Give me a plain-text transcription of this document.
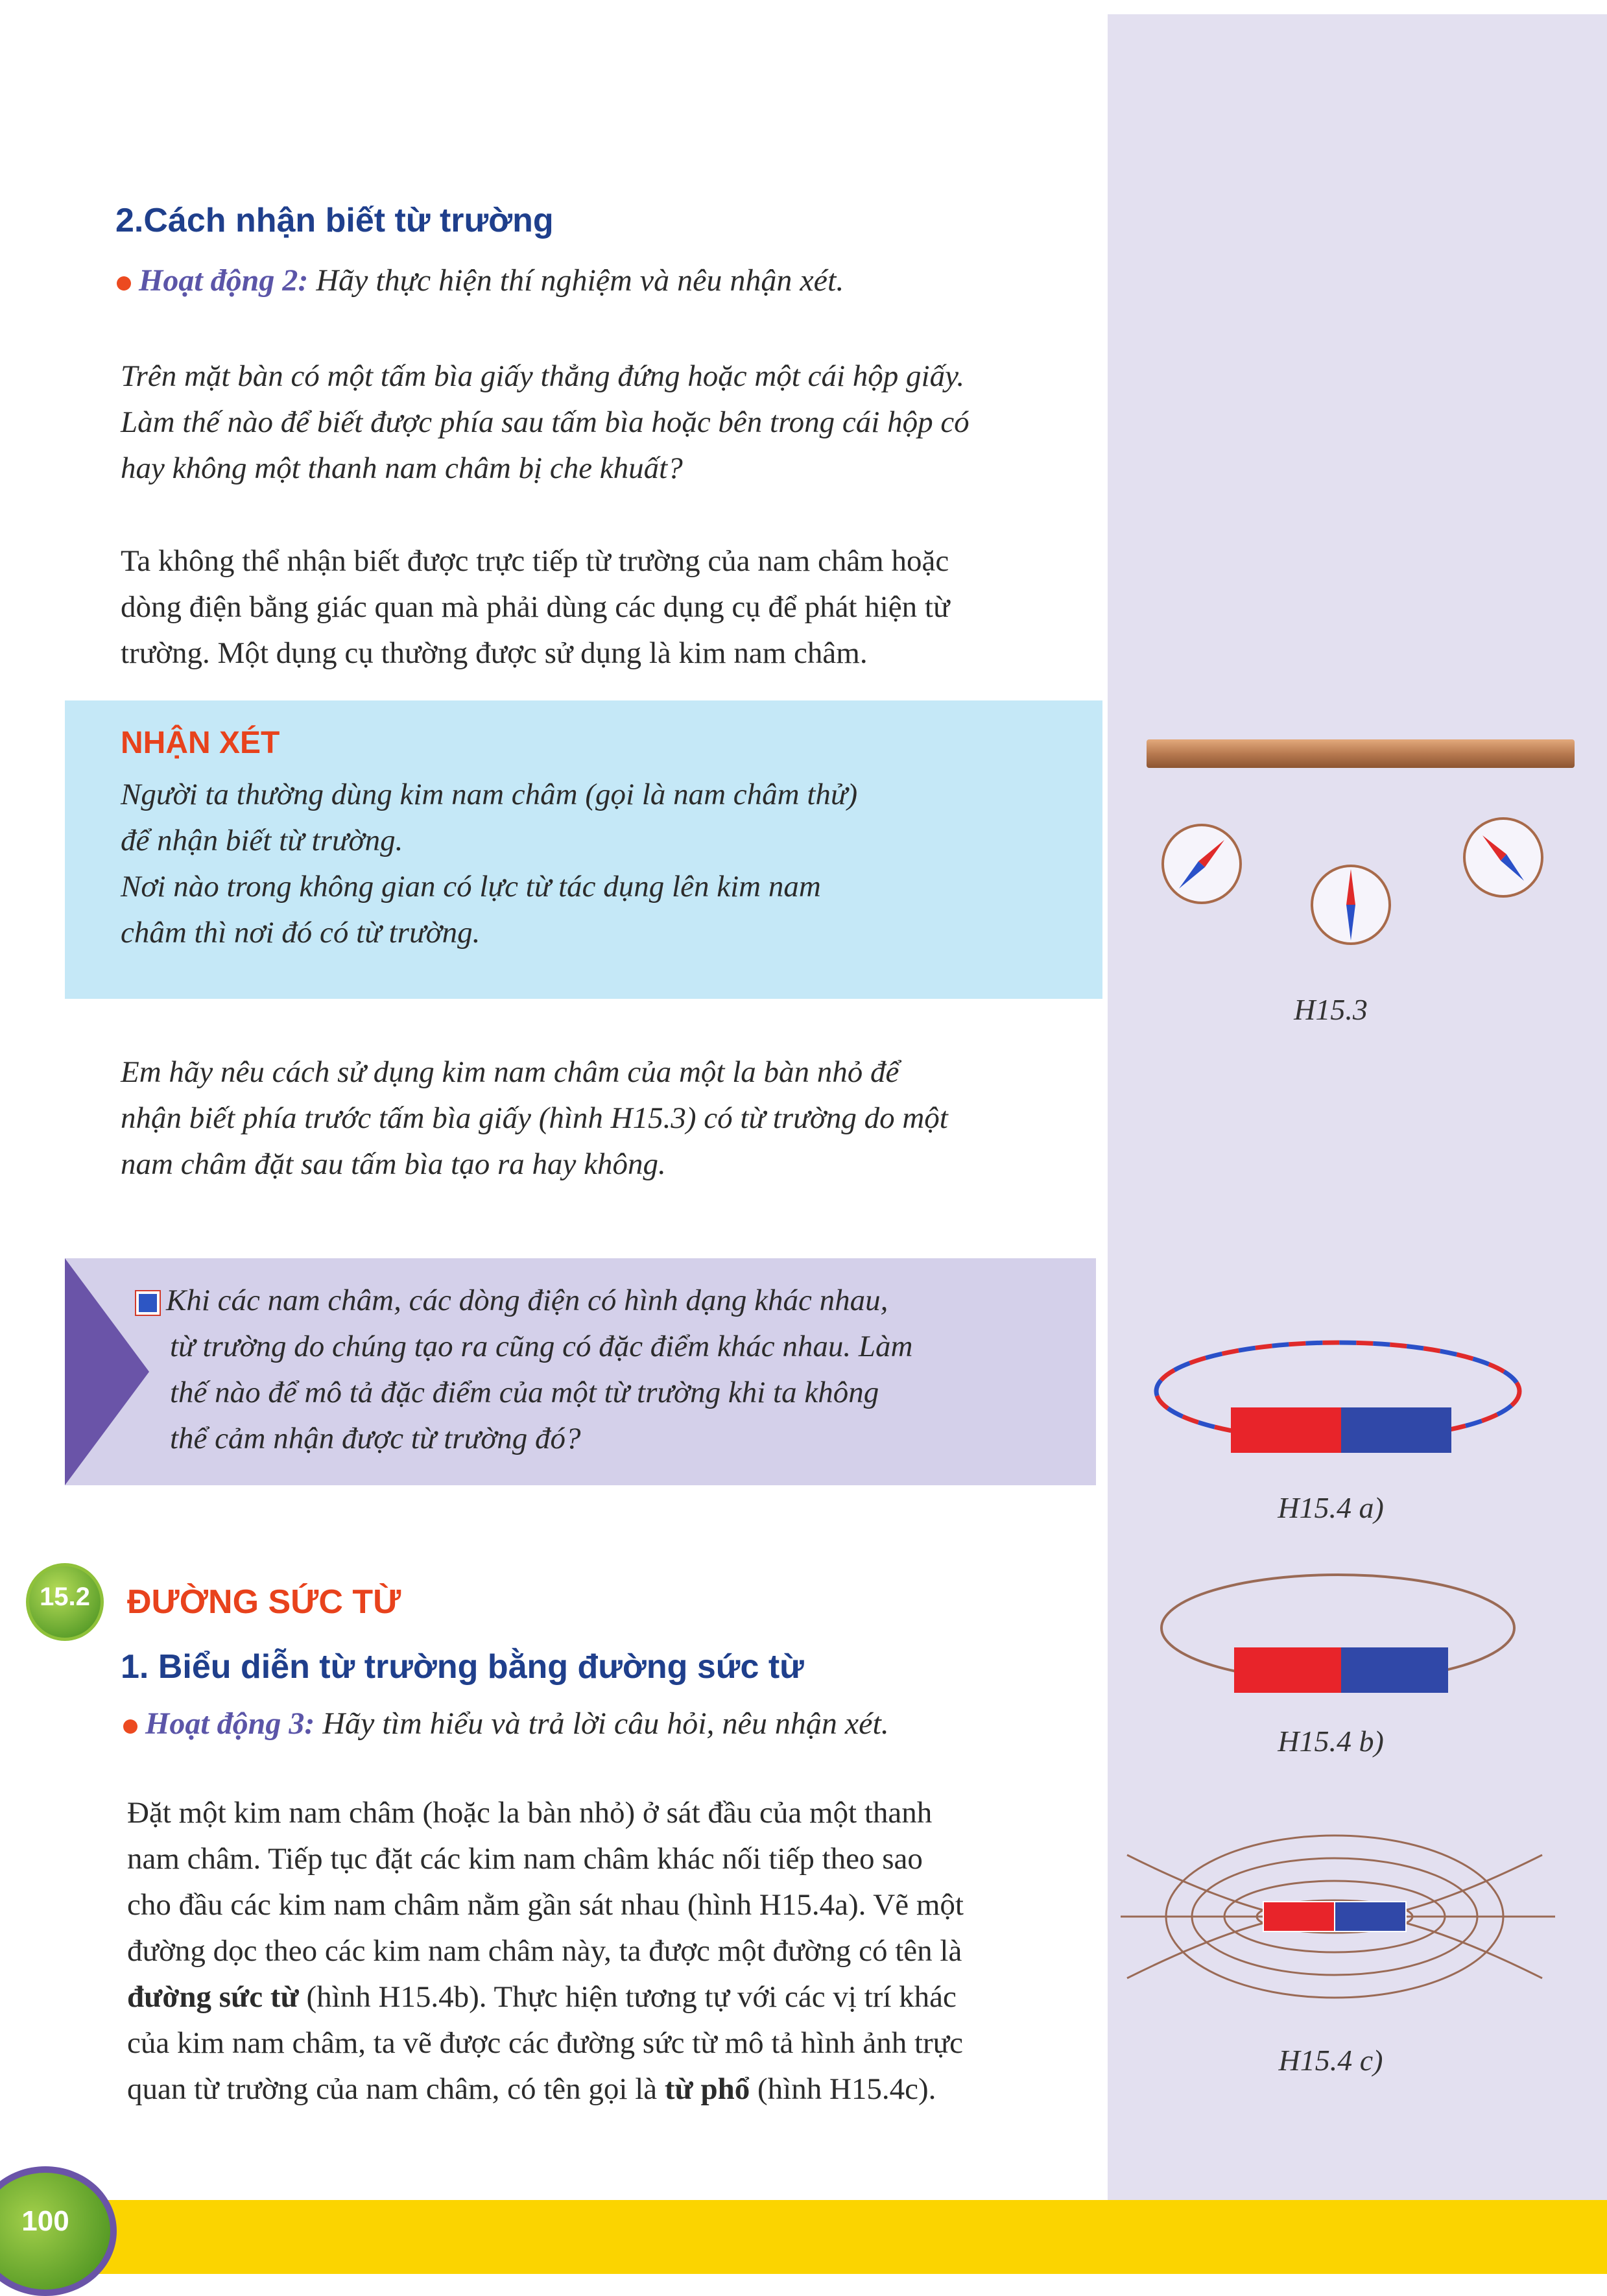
100
2.Cách nhận biết từ trường
Hoạt động 2: Hãy thực hiện thí nghiệm và nêu nhận xét.

Trên mặt bàn có một tấm bìa giấy thẳng đứng hoặc một cái hộp giấy.

Làm thế nào để biết được phía sau tấm bìa hoặc bên trong cái hộp có

hay không một thanh nam châm bị che khuất?

Ta không thể nhận biết được trực tiếp từ trường của nam châm hoặc

dòng điện bằng giác quan mà phải dùng các dụng cụ để phát hiện từ

trường. Một dụng cụ thường được sử dụng là kim nam châm.

NHẬN XÉT

Người ta thường dùng kim nam châm (gọi là nam châm thử)

để nhận biết từ trường.

Nơi nào trong không gian có lực từ tác dụng lên kim nam

châm thì nơi đó có từ trường.

Em hãy nêu cách sử dụng kim nam châm của một la bàn nhỏ để

nhận biết phía trước tấm bìa giấy (hình H15.3) có từ trường do một

nam châm đặt sau tấm bìa tạo ra hay không.

Khi các nam châm, các dòng điện có hình dạng khác nhau,

từ trường do chúng tạo ra cũng có đặc điểm khác nhau. Làm

thế nào để mô tả đặc điểm của một từ trường khi ta không

thể cảm nhận được từ trường đó?

15.2	ĐƯỜNG SỨC TỪ
1. Biểu diễn từ trường bằng đường sức từ
Hoạt động 3: Hãy tìm hiểu và trả lời câu hỏi, nêu nhận xét.

Đặt một kim nam châm (hoặc la bàn nhỏ) ở sát đầu của một thanh

nam châm. Tiếp tục đặt các kim nam châm khác nối tiếp theo sao

cho đầu các kim nam châm nằm gần sát nhau (hình H15.4a). Vẽ một

đường dọc theo các kim nam châm này, ta được một đường có tên là

đường sức từ (hình H15.4b). Thực hiện tương tự với các vị trí khác

của kim nam châm, ta vẽ được các đường sức từ mô tả hình ảnh trực

quan từ trường của nam châm, có tên gọi là từ phổ (hình H15.4c).

H15.3
H15.4 a)
H15.4 b)
H15.4 c)
